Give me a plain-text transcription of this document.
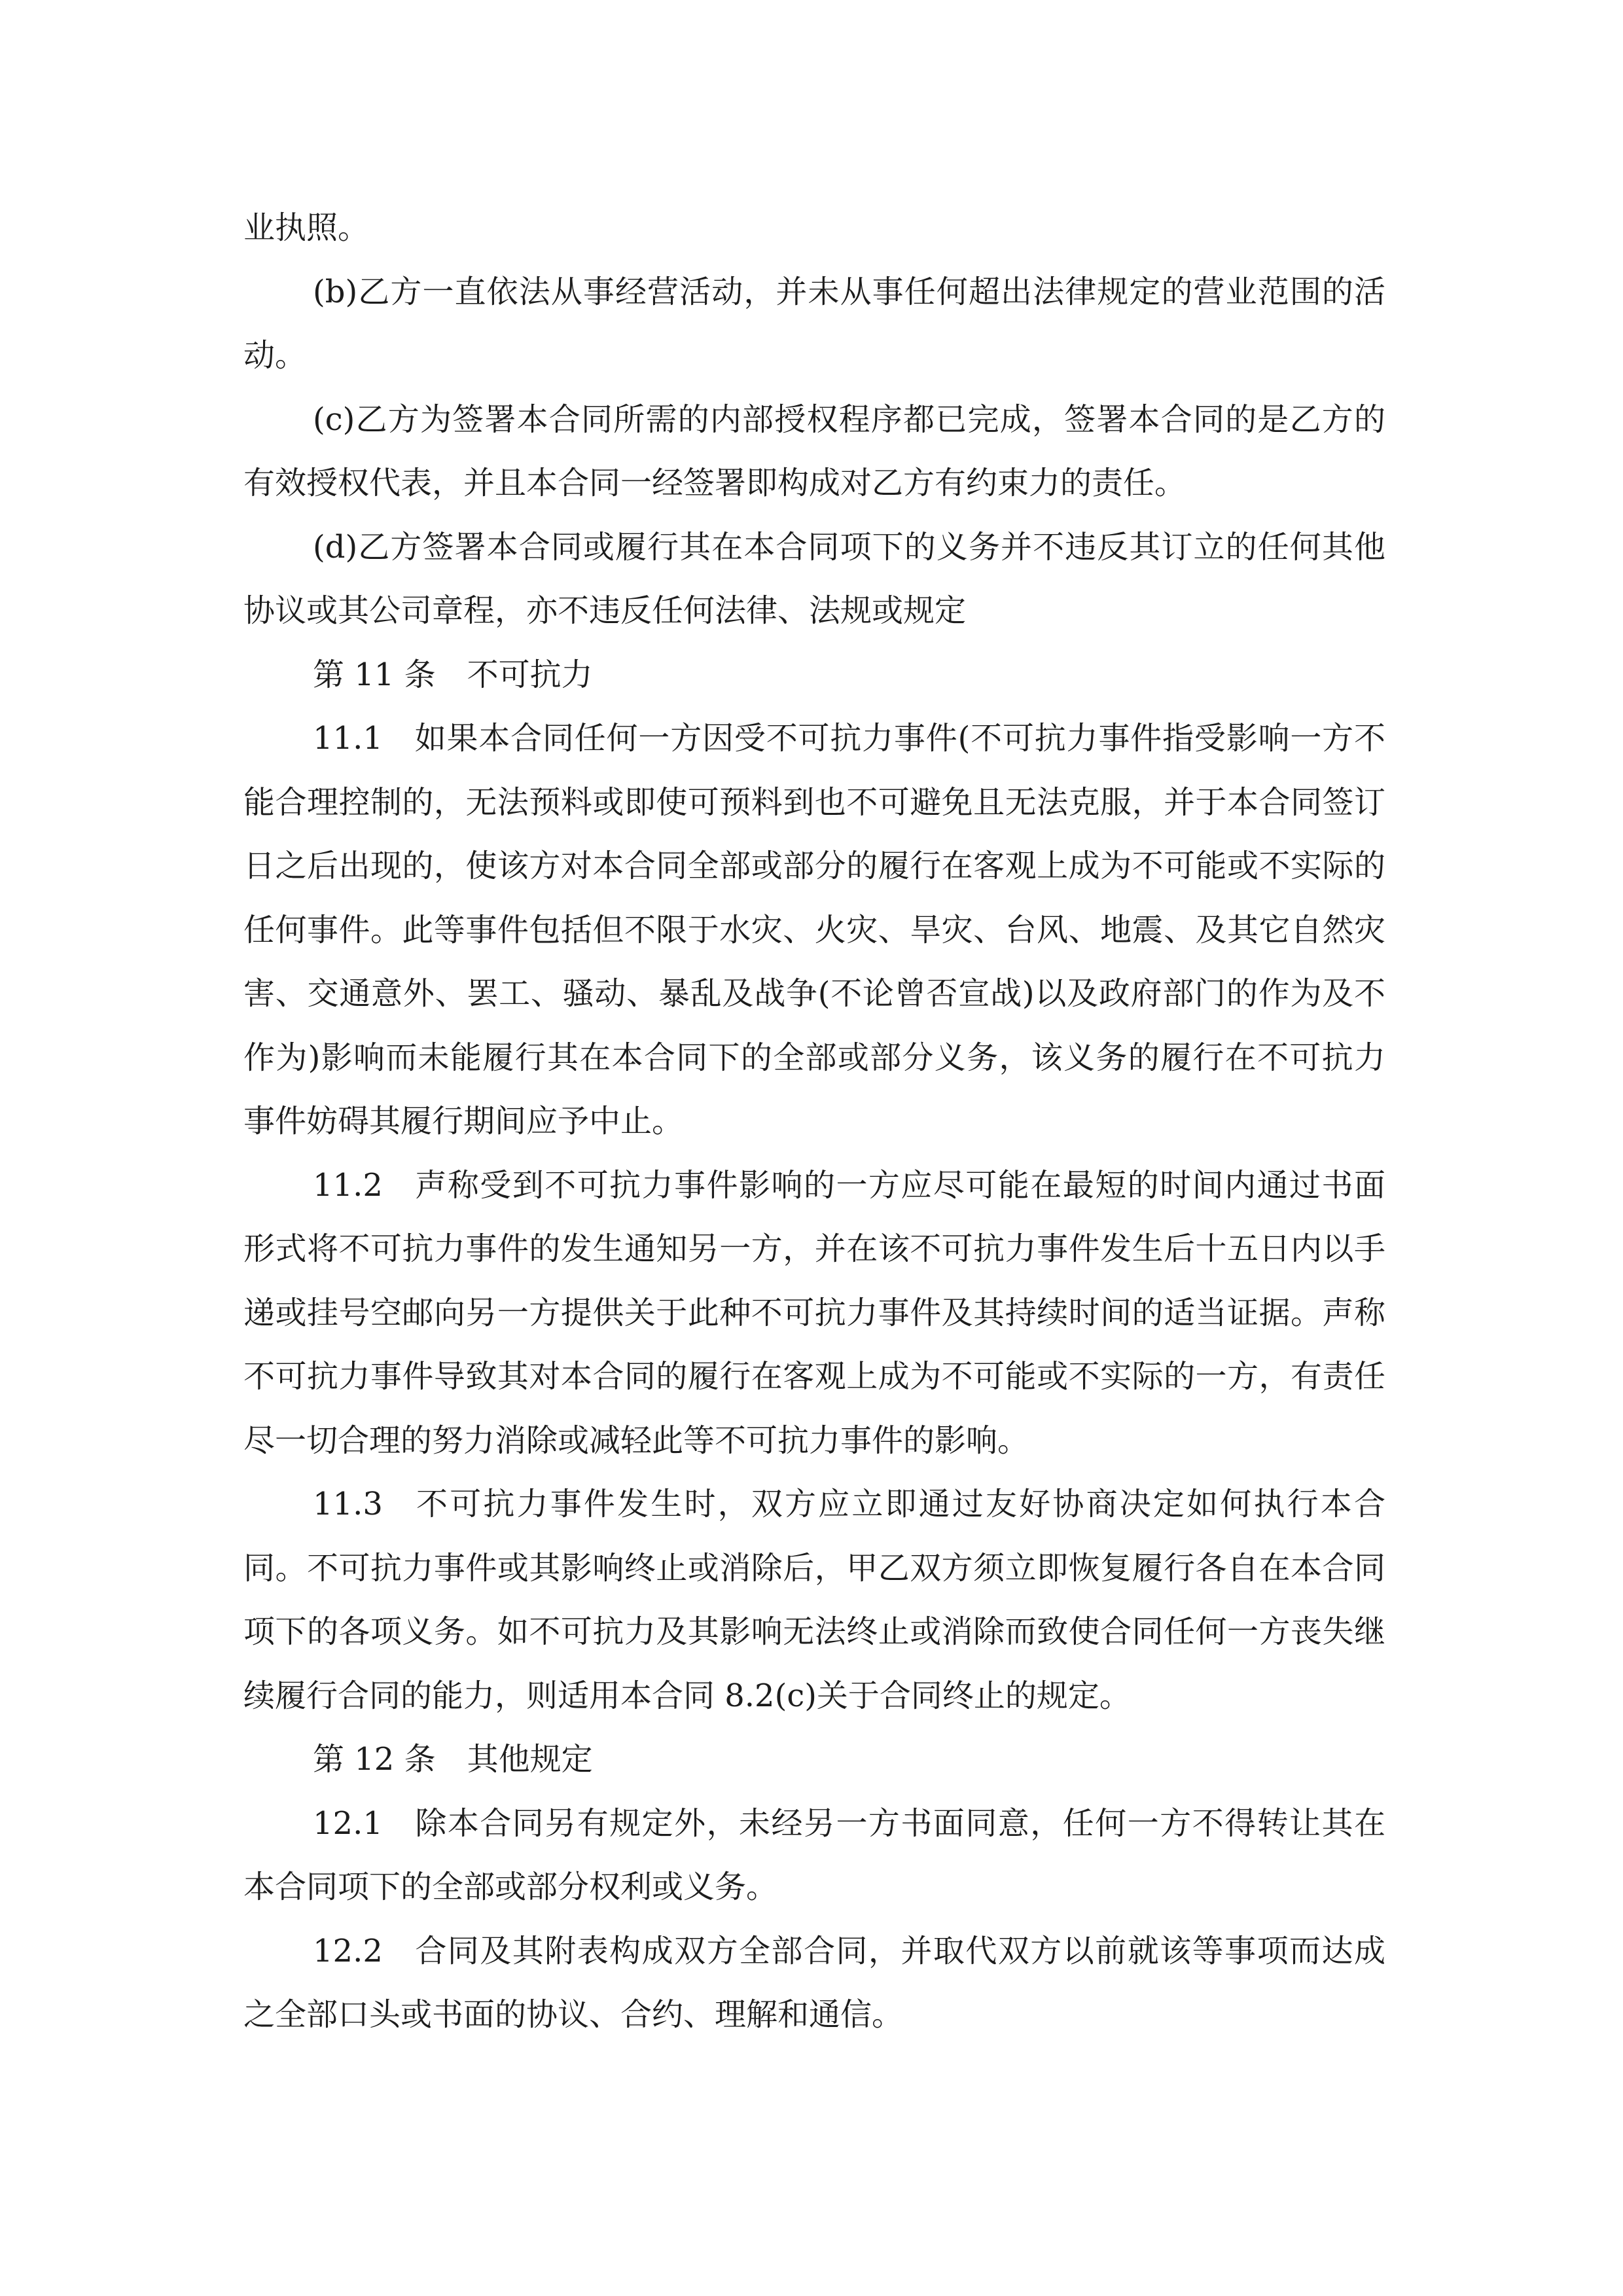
业执照。

(b)乙方一直依法从事经营活动，并未从事任何超出法律规定的营业范围的活动。

(c)乙方为签署本合同所需的内部授权程序都已完成，签署本合同的是乙方的有效授权代表，并且本合同一经签署即构成对乙方有约束力的责任。

(d)乙方签署本合同或履行其在本合同项下的义务并不违反其订立的任何其他协议或其公司章程，亦不违反任何法律、法规或规定

第 11 条 不可抗力

11.1 如果本合同任何一方因受不可抗力事件(不可抗力事件指受影响一方不能合理控制的，无法预料或即使可预料到也不可避免且无法克服，并于本合同签订日之后出现的，使该方对本合同全部或部分的履行在客观上成为不可能或不实际的任何事件。此等事件包括但不限于水灾、火灾、旱灾、台风、地震、及其它自然灾害、交通意外、罢工、骚动、暴乱及战争(不论曾否宣战)以及政府部门的作为及不作为)影响而未能履行其在本合同下的全部或部分义务，该义务的履行在不可抗力事件妨碍其履行期间应予中止。

11.2 声称受到不可抗力事件影响的一方应尽可能在最短的时间内通过书面形式将不可抗力事件的发生通知另一方，并在该不可抗力事件发生后十五日内以手递或挂号空邮向另一方提供关于此种不可抗力事件及其持续时间的适当证据。声称不可抗力事件导致其对本合同的履行在客观上成为不可能或不实际的一方，有责任尽一切合理的努力消除或减轻此等不可抗力事件的影响。

11.3 不可抗力事件发生时，双方应立即通过友好协商决定如何执行本合同。不可抗力事件或其影响终止或消除后，甲乙双方须立即恢复履行各自在本合同项下的各项义务。如不可抗力及其影响无法终止或消除而致使合同任何一方丧失继续履行合同的能力，则适用本合同 8.2(c)关于合同终止的规定。

第 12 条 其他规定

12.1 除本合同另有规定外，未经另一方书面同意，任何一方不得转让其在本合同项下的全部或部分权利或义务。

12.2 合同及其附表构成双方全部合同，并取代双方以前就该等事项而达成之全部口头或书面的协议、合约、理解和通信。
